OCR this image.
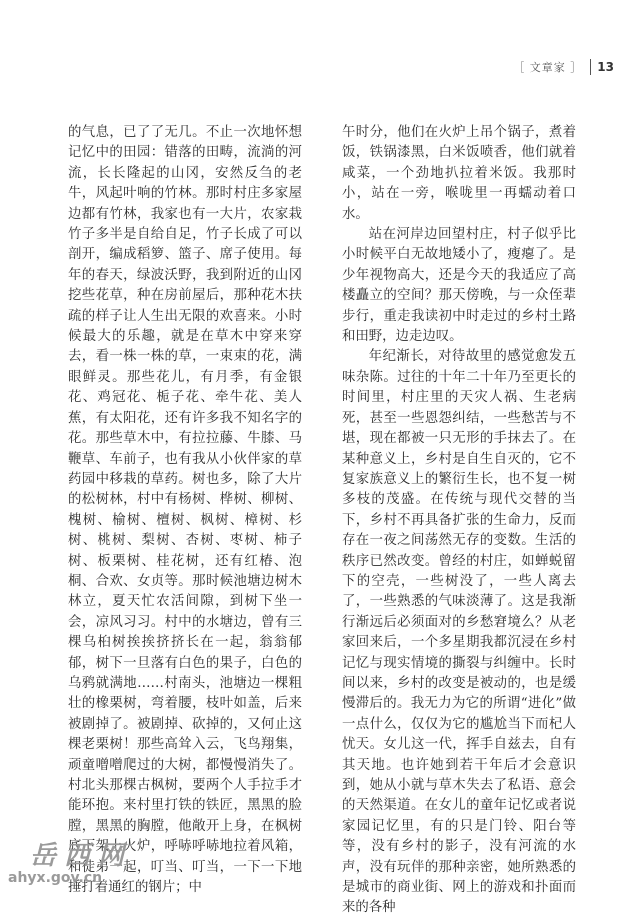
［ 文章家 ］ 13

的气息，已了了无几。不止一次地怀想记忆中的田园：错落的田畴，流淌的河流，长长隆起的山冈，安然反刍的老牛，风起叶响的竹林。那时村庄多家屋边都有竹林，我家也有一大片，农家栽竹子多半是自给自足，竹子长成了可以剖开，编成稻箩、篮子、席子使用。每年的春天，绿波沃野，我到附近的山冈挖些花草，种在房前屋后，那种花木扶疏的样子让人生出无限的欢喜来。小时候最大的乐趣，就是在草木中穿来穿去，看一株一株的草，一束束的花，满眼鲜灵。那些花儿，有月季，有金银花、鸡冠花、栀子花、牵牛花、美人蕉，有太阳花，还有许多我不知名字的花。那些草木中，有拉拉藤、牛膝、马鞭草、车前子，也有我从小伙伴家的草药园中移栽的草药。树也多，除了大片的松树林，村中有杨树、桦树、柳树、槐树、榆树、檀树、枫树、樟树、杉树、桃树、梨树、杏树、枣树、柿子树、板栗树、桂花树，还有红椿、泡桐、合欢、女贞等。那时候池塘边树木林立，夏天忙农活间隙，到树下坐一会，凉风习习。村中的水塘边，曾有三棵乌桕树挨挨挤挤长在一起，翁翁郁郁，树下一旦落有白色的果子，白色的乌鸦就满地……村南头，池塘边一棵粗壮的橡栗树，弯着腰，枝叶如盖，后来被剧掉了。被剧掉、砍掉的，又何止这棵老栗树！那些高耸入云，飞鸟翔集，顽童噌噌爬过的大树，都慢慢消失了。村北头那棵古枫树，要两个人手拉手才能环抱。来村里打铁的铁匠，黑黑的脸膛，黑黑的胸膛，他敞开上身，在枫树底下架上火炉，呼哧呼哧地拉着风箱，和徒弟一起，叮当、叮当，一下一下地捶打着通红的钢片；中

午时分，他们在火炉上吊个锅子，煮着饭，铁锅漆黑，白米饭喷香，他们就着咸菜，一个劲地扒拉着米饭。我那时小，站在一旁，喉咙里一再蠕动着口水。

站在河岸边回望村庄，村子似乎比小时候平白无故地矮小了，瘦瘪了。是少年视物高大，还是今天的我适应了高楼矗立的空间？那天傍晚，与一众侄辈步行，重走我读初中时走过的乡村土路和田野，边走边叹。

年纪渐长，对待故里的感觉愈发五味杂陈。过往的十年二十年乃至更长的时间里，村庄里的天灾人祸、生老病死，甚至一些恩怨纠结，一些愁苦与不堪，现在都被一只无形的手抹去了。在某种意义上，乡村是自生自灭的，它不复家族意义上的繁衍生长，也不复一树多枝的茂盛。在传统与现代交替的当下，乡村不再具备扩张的生命力，反而存在一夜之间荡然无存的变数。生活的秩序已然改变。曾经的村庄，如蝉蜕留下的空壳，一些树没了，一些人离去了，一些熟悉的气味淡薄了。这是我渐行渐远后必须面对的乡愁窘境么？从老家回来后，一个多星期我都沉浸在乡村记忆与现实情境的撕裂与纠缠中。长时间以来，乡村的改变是被动的，也是缓慢滞后的。我无力为它的所谓“进化”做一点什么，仅仅为它的尴尬当下而杞人忧天。女儿这一代，挥手自兹去，自有其天地。也许她到若干年后才会意识到，她从小就与草木失去了私语、意会的天然渠道。在女儿的童年记忆或者说家园记忆里，有的只是门铃、阳台等等，没有乡村的影子，没有河流的水声，没有玩伴的那种亲密，她所熟悉的是城市的商业街、网上的游戏和扑面而来的各种

岳西网
ahyx.gov.cn
